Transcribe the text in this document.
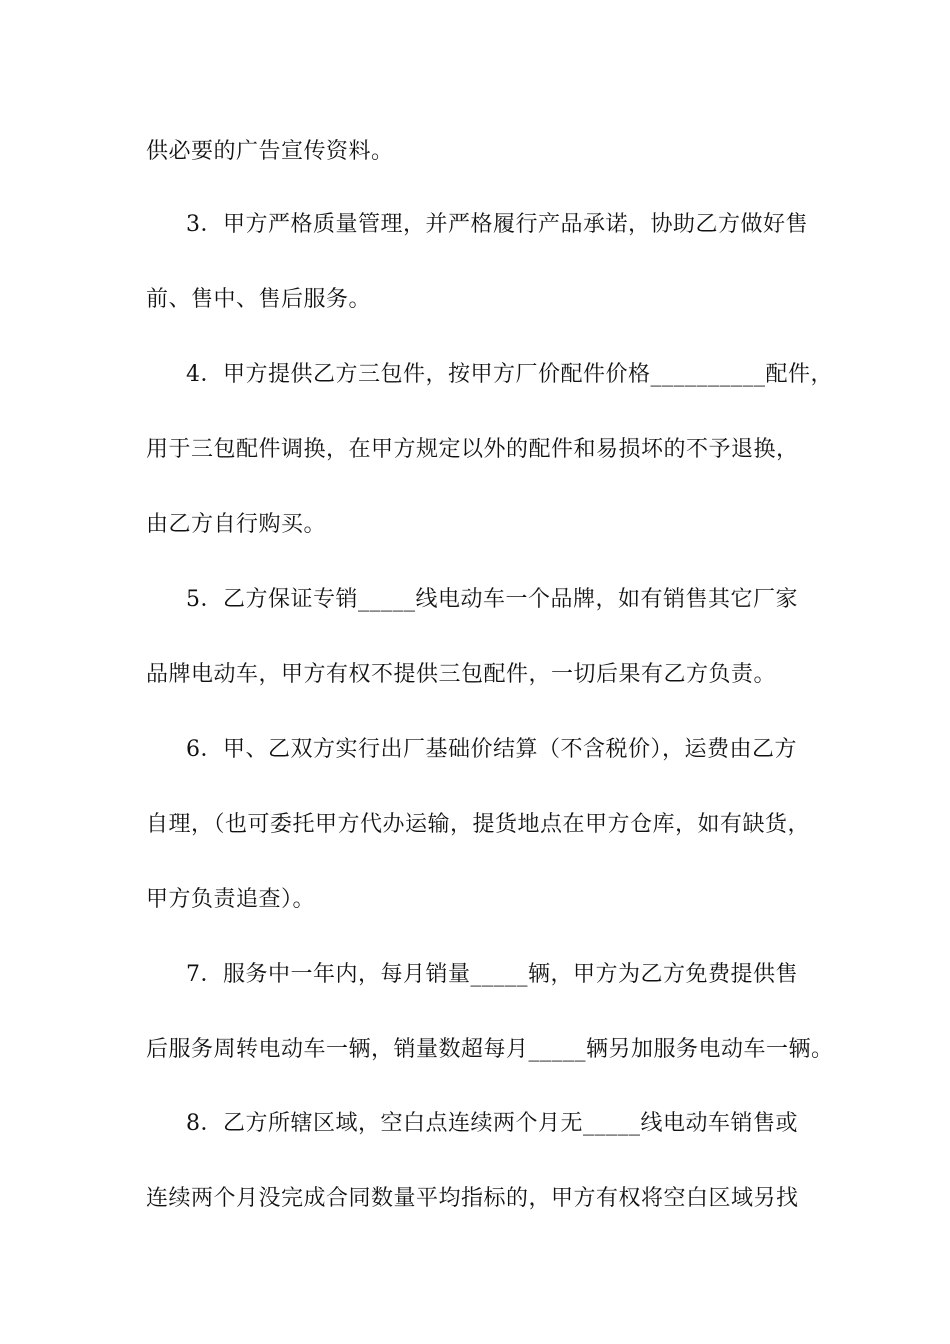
供必要的广告宣传资料。
3．甲方严格质量管理，并严格履行产品承诺，协助乙方做好售
前、售中、售后服务。
4．甲方提供乙方三包件，按甲方厂价配件价格__________配件，
用于三包配件调换，在甲方规定以外的配件和易损坏的不予退换，
由乙方自行购买。
5．乙方保证专销_____线电动车一个品牌，如有销售其它厂家
品牌电动车，甲方有权不提供三包配件，一切后果有乙方负责。
6．甲、乙双方实行出厂基础价结算（不含税价），运费由乙方
自理，（也可委托甲方代办运输，提货地点在甲方仓库，如有缺货，
甲方负责追查）。
7．服务中一年内，每月销量_____辆，甲方为乙方免费提供售
后服务周转电动车一辆，销量数超每月_____辆另加服务电动车一辆。
8．乙方所辖区域，空白点连续两个月无_____线电动车销售或
连续两个月没完成合同数量平均指标的，甲方有权将空白区域另找
